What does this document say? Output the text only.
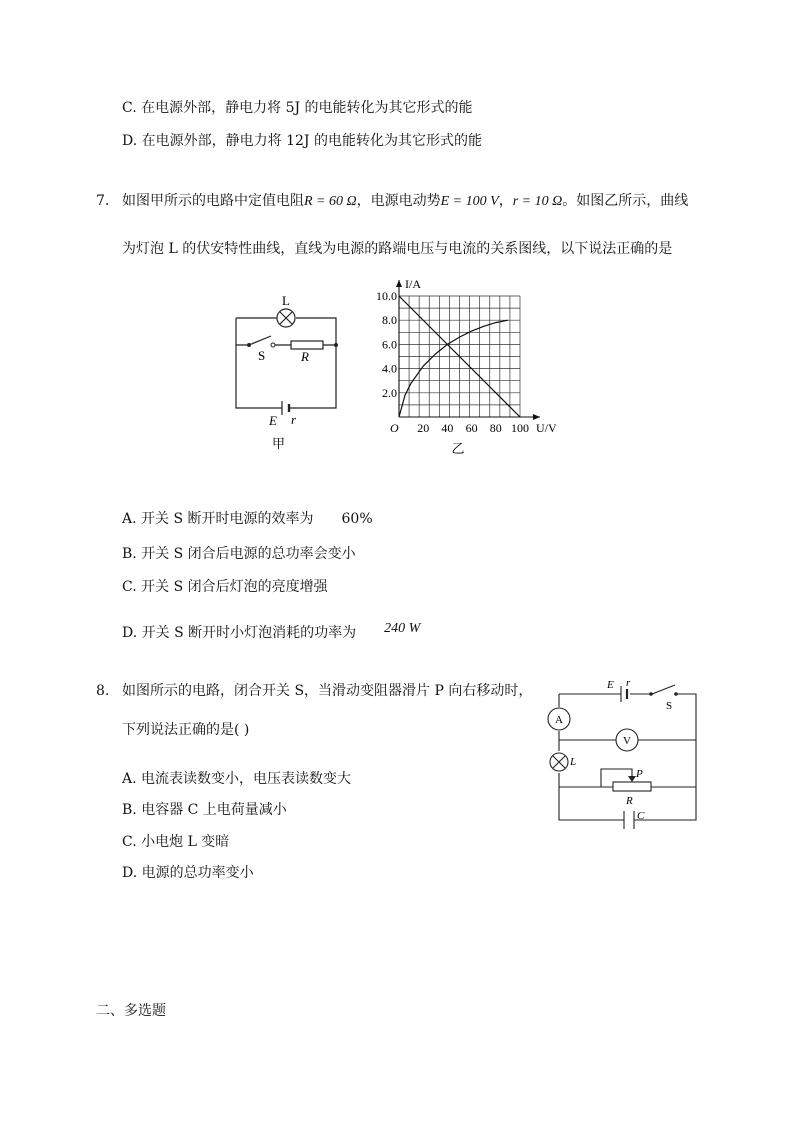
C. 在电源外部，静电力将 5J 的电能转化为其它形式的能
D. 在电源外部，静电力将 12J 的电能转化为其它形式的能
7. 如图甲所示的电路中定值电阻R = 60 Ω，电源电动势E = 100 V，r = 10 Ω。如图乙所示，曲线
为灯泡 L 的伏安特性曲线，直线为电源的路端电压与电流的关系图线，以下说法正确的是
L
S	R
E r
甲
20 40 60 80 100
2.0
4.0
6.0
8.0
10.0
O	U/V
I/A
乙
A. 开关 S 断开时电源的效率为 60%
B. 开关 S 闭合后电源的总功率会变小
C. 开关 S 闭合后灯泡的亮度增强
D. 开关 S 断开时小灯泡消耗的功率为 240 W
8. 如图所示的电路，闭合开关 S，当滑动变阻器滑片 P 向右移动时，
下列说法正确的是( )
E r
S
A
V
L
P
R
C
A. 电流表读数变小，电压表读数变大
B. 电容器 C 上电荷量减小
C. 小电炮 L 变暗
D. 电源的总功率变小
二、多选题
